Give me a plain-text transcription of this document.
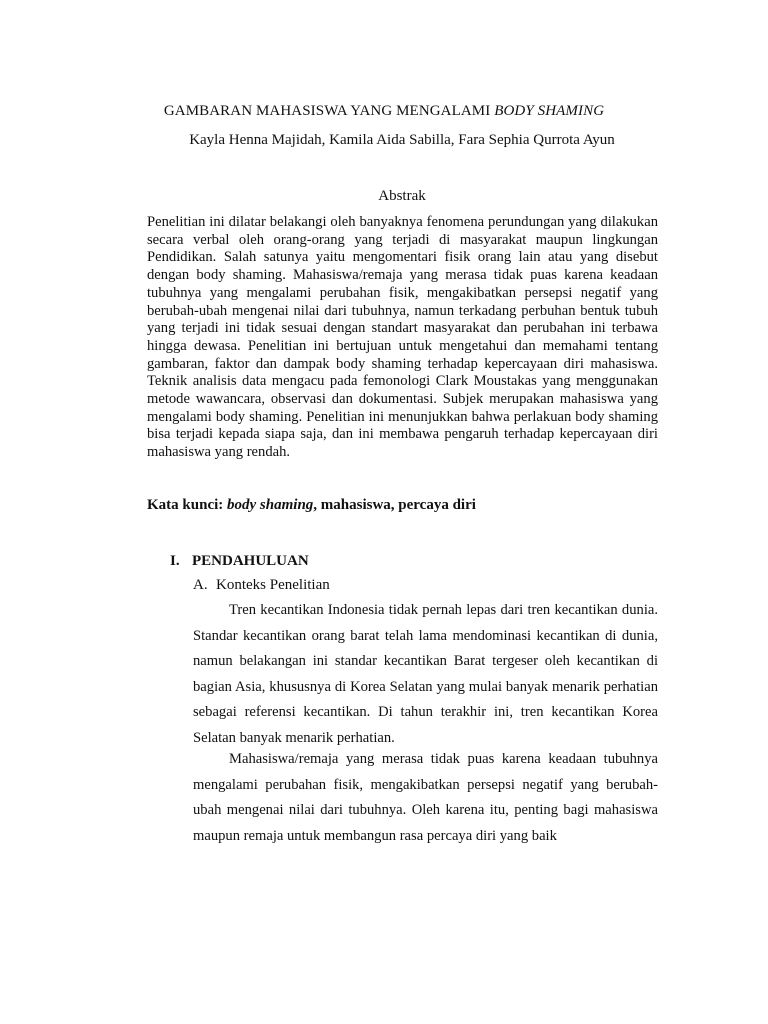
GAMBARAN MAHASISWA YANG MENGALAMI BODY SHAMING
Kayla Henna Majidah, Kamila Aida Sabilla, Fara Sephia Qurrota Ayun
Abstrak

Penelitian ini dilatar belakangi oleh banyaknya fenomena perundungan yang dilakukan secara verbal oleh orang-orang yang terjadi di masyarakat maupun lingkungan Pendidikan. Salah satunya yaitu mengomentari fisik orang lain atau yang disebut dengan body shaming. Mahasiswa/remaja yang merasa tidak puas karena keadaan tubuhnya yang mengalami perubahan fisik, mengakibatkan persepsi negatif yang berubah-ubah mengenai nilai dari tubuhnya, namun terkadang perbuhan bentuk tubuh yang terjadi ini tidak sesuai dengan standart masyarakat dan perubahan ini terbawa hingga dewasa. Penelitian ini bertujuan untuk mengetahui dan memahami tentang gambaran, faktor dan dampak body shaming terhadap kepercayaan diri mahasiswa. Teknik analisis data mengacu pada femonologi Clark Moustakas yang menggunakan metode wawancara, observasi dan dokumentasi. Subjek merupakan mahasiswa yang mengalami body shaming. Penelitian ini menunjukkan bahwa perlakuan body shaming bisa terjadi kepada siapa saja, dan ini membawa pengaruh terhadap kepercayaan diri mahasiswa yang rendah.

Kata kunci: body shaming, mahasiswa, percaya diri
I. PENDAHULUAN
A. Konteks Penelitian

Tren kecantikan Indonesia tidak pernah lepas dari tren kecantikan dunia. Standar kecantikan orang barat telah lama mendominasi kecantikan di dunia, namun belakangan ini standar kecantikan Barat tergeser oleh kecantikan di bagian Asia, khususnya di Korea Selatan yang mulai banyak menarik perhatian sebagai referensi kecantikan. Di tahun terakhir ini, tren kecantikan Korea Selatan banyak menarik perhatian.

Mahasiswa/remaja yang merasa tidak puas karena keadaan tubuhnya mengalami perubahan fisik, mengakibatkan persepsi negatif yang berubah-ubah mengenai nilai dari tubuhnya. Oleh karena itu, penting bagi mahasiswa maupun remaja untuk membangun rasa percaya diri yang baik
